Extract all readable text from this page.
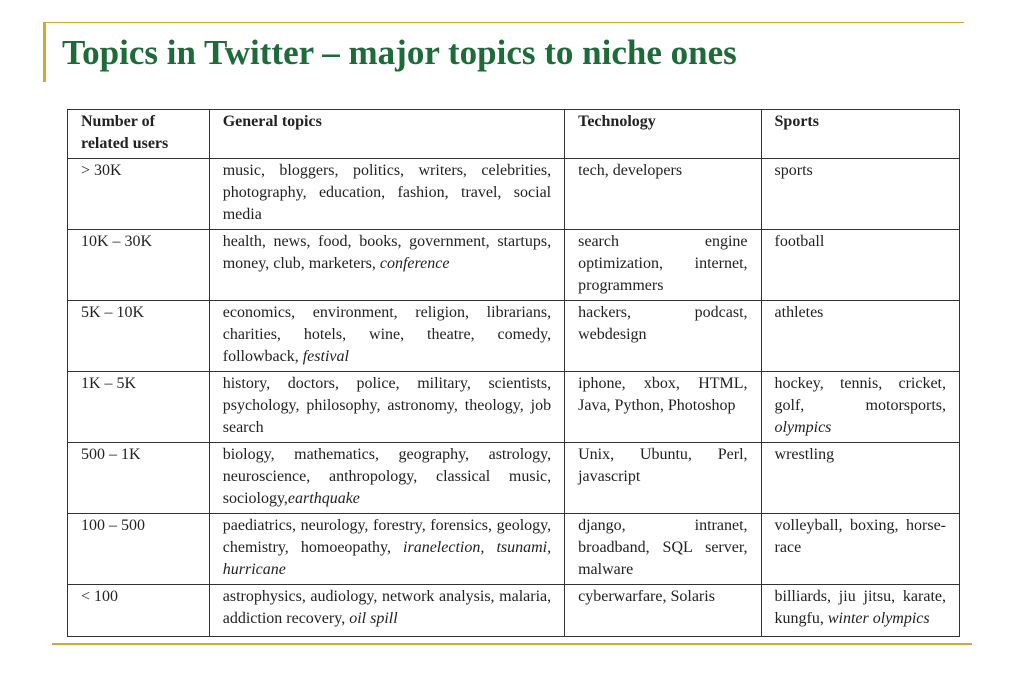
Topics in Twitter – major topics to niche ones
Number of related users	General topics	Technology	Sports
> 30K	music, bloggers, politics, writers, celebrities, photography, education, fashion, travel, social media	tech, developers	sports
10K – 30K	health, news, food, books, government, startups, money, club, marketers, conference	search engine optimization, internet, programmers	football
5K – 10K	economics, environment, religion, librarians, charities, hotels, wine, theatre, comedy, followback, festival	hackers, podcast, webdesign	athletes
1K – 5K	history, doctors, police, military, scientists, psychology, philosophy, astronomy, theology, job search	iphone, xbox, HTML, Java, Python, Photoshop	hockey, tennis, cricket, golf, motorsports, olympics
500 – 1K	biology, mathematics, geography, astrology, neuroscience, anthropology, classical music, sociology,earthquake	Unix, Ubuntu, Perl, javascript	wrestling
100 – 500	paediatrics, neurology, forestry, forensics, geology, chemistry, homoeopathy, iranelection, tsunami, hurricane	django, intranet, broadband, SQL server, malware	volleyball, boxing, horse-race
< 100	astrophysics, audiology, network analysis, malaria, addiction recovery, oil spill	cyberwarfare, Solaris	billiards, jiu jitsu, karate, kungfu, winter olympics
